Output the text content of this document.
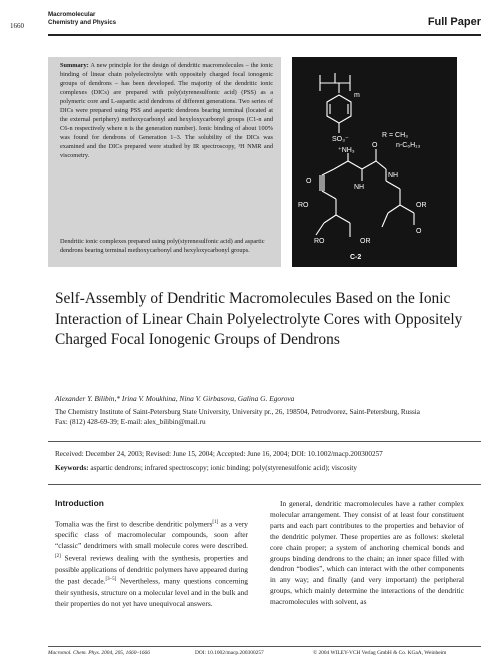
1660
Macromolecular
Chemistry and Physics	Full Paper
Summary: A new principle for the design of dendritic macromolecules – the ionic binding of linear chain polyelectrolyte with oppositely charged focal ionogenic groups of dendrons – has been developed. The majority of the dendritic ionic complexes (DICs) are prepared with poly(styrenesulfonic acid) (PSS) as a polymeric core and L-aspartic acid dendrons of different generations. Two series of DICs were prepared using PSS and aspartic dendrons bearing terminal (located at the external periphery) methoxycarbonyl and hexyloxycarbonyl groups (C1-n and C6-n respectively where n is the generation number). Ionic binding of about 100% was found for dendrons of Generation 1–3. The solubility of the DICs was examined and the DICs prepared were studied by IR spectroscopy, ¹H NMR and viscometry.
Dendritic ionic complexes prepared using poly(styrenesulfonic acid) and aspartic dendrons bearing terminal methoxycarbonyl and hexyloxycarbonyl groups.
m
R = CH₃
n-C₆H₁₃
SO₃⁻
⁺NH₃
O
NH
NH
O
OR
RO
OR
RO
O
C-2
Self-Assembly of Dendritic Macromolecules Based on the Ionic Interaction of Linear Chain Polyelectrolyte Cores with Oppositely Charged Focal Ionogenic Groups of Dendrons
Alexander Y. Bilibin,* Irina V. Moukhina, Nina V. Girbasova, Galina G. Egorova
The Chemistry Institute of Saint-Petersburg State University, University pr., 26, 198504, Petrodvorez, Saint-Petersburg, Russia
Fax: (812) 428-69-39; E-mail: alex_bilibin@mail.ru
Received: December 24, 2003; Revised: June 15, 2004; Accepted: June 16, 2004; DOI: 10.1002/macp.200300257
Keywords: aspartic dendrons; infrared spectroscopy; ionic binding; poly(styrenesulfonic acid); viscosity
Introduction
Tomalia was the first to describe dendritic polymers[1] as a very specific class of macromolecular compounds, soon after “classic” dendrimers with small molecule cores were described.[2] Several reviews dealing with the synthesis, properties and possible applications of dendritic polymers have appeared during the past decade.[3–5] Nevertheless, many questions concerning their synthesis, structure on a molecular level and in the bulk and their properties do not yet have unequivocal answers.
In general, dendritic macromolecules have a rather complex molecular arrangement. They consist of at least four constituent parts and each part contributes to the properties and behavior of the dendritic polymer. These properties are as follows: skeletal core chain proper; a system of anchoring chemical bonds and groups binding dendrons to the chain; an inner space filled with dendron “bodies”, which can interact with the other components in any way; and finally (and very important) the peripheral groups, which mainly determine the interactions of the dendritic macromolecules with solvent, as
Macromol. Chem. Phys. 2004, 205, 1660–1666	DOI: 10.1002/macp.200300257	© 2004 WILEY-VCH Verlag GmbH & Co. KGaA, Weinheim
